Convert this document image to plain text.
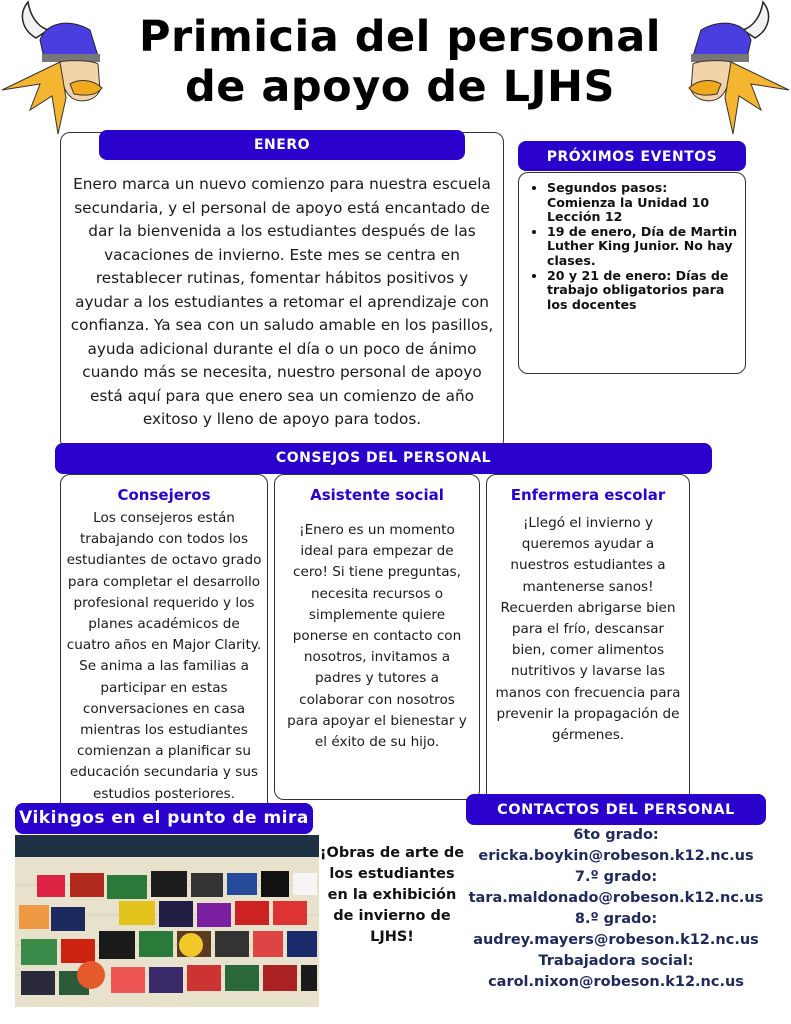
Primicia del personal
de apoyo de LJHS
ENERO
Enero marca un nuevo comienzo para nuestra escuela secundaria, y el personal de apoyo está encantado de dar la bienvenida a los estudiantes después de las vacaciones de invierno. Este mes se centra en restablecer rutinas, fomentar hábitos positivos y ayudar a los estudiantes a retomar el aprendizaje con confianza. Ya sea con un saludo amable en los pasillos, ayuda adicional durante el día o un poco de ánimo cuando más se necesita, nuestro personal de apoyo está aquí para que enero sea un comienzo de año exitoso y lleno de apoyo para todos.
PRÓXIMOS EVENTOS
• Segundos pasos: Comienza la Unidad 10 Lección 12
• 19 de enero, Día de Martin Luther King Junior. No hay clases.
• 20 y 21 de enero: Días de trabajo obligatorios para los docentes
CONSEJOS DEL PERSONAL
Consejeros
Los consejeros están trabajando con todos los estudiantes de octavo grado para completar el desarrollo profesional requerido y los planes académicos de cuatro años en Major Clarity. Se anima a las familias a participar en estas conversaciones en casa mientras los estudiantes comienzan a planificar su educación secundaria y sus estudios posteriores.
Asistente social
¡Enero es un momento ideal para empezar de cero! Si tiene preguntas, necesita recursos o simplemente quiere ponerse en contacto con nosotros, invitamos a padres y tutores a colaborar con nosotros para apoyar el bienestar y el éxito de su hijo.
Enfermera escolar
¡Llegó el invierno y queremos ayudar a nuestros estudiantes a mantenerse sanos! Recuerden abrigarse bien para el frío, descansar bien, comer alimentos nutritivos y lavarse las manos con frecuencia para prevenir la propagación de gérmenes.
Vikingos en el punto de mira
¡Obras de arte de los estudiantes en la exhibición de invierno de LJHS!
CONTACTOS DEL PERSONAL
6to grado:
ericka.boykin@robeson.k12.nc.us
7.º grado:
tara.maldonado@robeson.k12.nc.us
8.º grado:
audrey.mayers@robeson.k12.nc.us
Trabajadora social:
carol.nixon@robeson.k12.nc.us
